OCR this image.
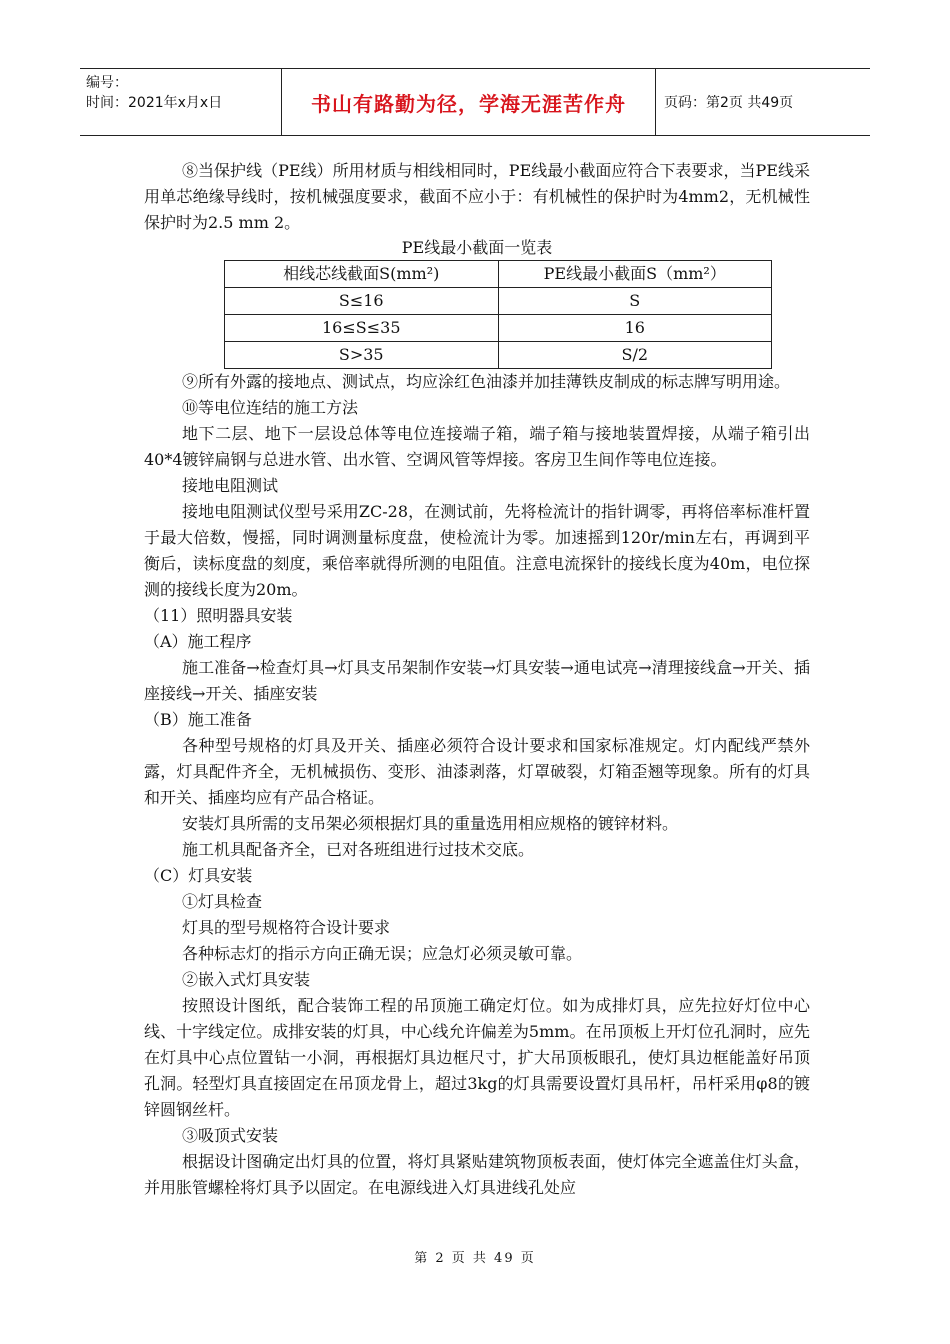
编号：
时间：2021年x月x日	书山有路勤为径，学海无涯苦作舟	页码：第2页 共49页

⑧当保护线（PE线）所用材质与相线相同时，PE线最小截面应符合下表要求，当PE线采用单芯绝缘导线时，按机械强度要求，截面不应小于：有机械性的保护时为4mm2，无机械性保护时为2.5 mm 2。

PE线最小截面一览表
相线芯线截面S(mm²)	PE线最小截面S（mm²）
S≤16	S
16≤S≤35	16
S>35	S/2

⑨所有外露的接地点、测试点，均应涂红色油漆并加挂薄铁皮制成的标志牌写明用途。

⑩等电位连结的施工方法

地下二层、地下一层设总体等电位连接端子箱，端子箱与接地装置焊接，从端子箱引出40*4镀锌扁钢与总进水管、出水管、空调风管等焊接。客房卫生间作等电位连接。

接地电阻测试

接地电阻测试仪型号采用ZC-28，在测试前，先将检流计的指针调零，再将倍率标准杆置于最大倍数，慢摇，同时调测量标度盘，使检流计为零。加速摇到120r/min左右，再调到平衡后，读标度盘的刻度，乘倍率就得所测的电阻值。注意电流探针的接线长度为40m，电位探测的接线长度为20m。

（11）照明器具安装

（A）施工程序

施工准备→检查灯具→灯具支吊架制作安装→灯具安装→通电试亮→清理接线盒→开关、插座接线→开关、插座安装

（B）施工准备

各种型号规格的灯具及开关、插座必须符合设计要求和国家标准规定。灯内配线严禁外露，灯具配件齐全，无机械损伤、变形、油漆剥落，灯罩破裂，灯箱歪翘等现象。所有的灯具和开关、插座均应有产品合格证。

安装灯具所需的支吊架必须根据灯具的重量选用相应规格的镀锌材料。

施工机具配备齐全，已对各班组进行过技术交底。

（C）灯具安装

①灯具检查

灯具的型号规格符合设计要求

各种标志灯的指示方向正确无误；应急灯必须灵敏可靠。

②嵌入式灯具安装

按照设计图纸，配合装饰工程的吊顶施工确定灯位。如为成排灯具，应先拉好灯位中心线、十字线定位。成排安装的灯具，中心线允许偏差为5mm。在吊顶板上开灯位孔洞时，应先在灯具中心点位置钻一小洞，再根据灯具边框尺寸，扩大吊顶板眼孔，使灯具边框能盖好吊顶孔洞。轻型灯具直接固定在吊顶龙骨上，超过3kg的灯具需要设置灯具吊杆，吊杆采用φ8的镀锌圆钢丝杆。

③吸顶式安装

根据设计图确定出灯具的位置，将灯具紧贴建筑物顶板表面，使灯体完全遮盖住灯头盒，并用胀管螺栓将灯具予以固定。在电源线进入灯具进线孔处应

第 2 页 共 49 页
